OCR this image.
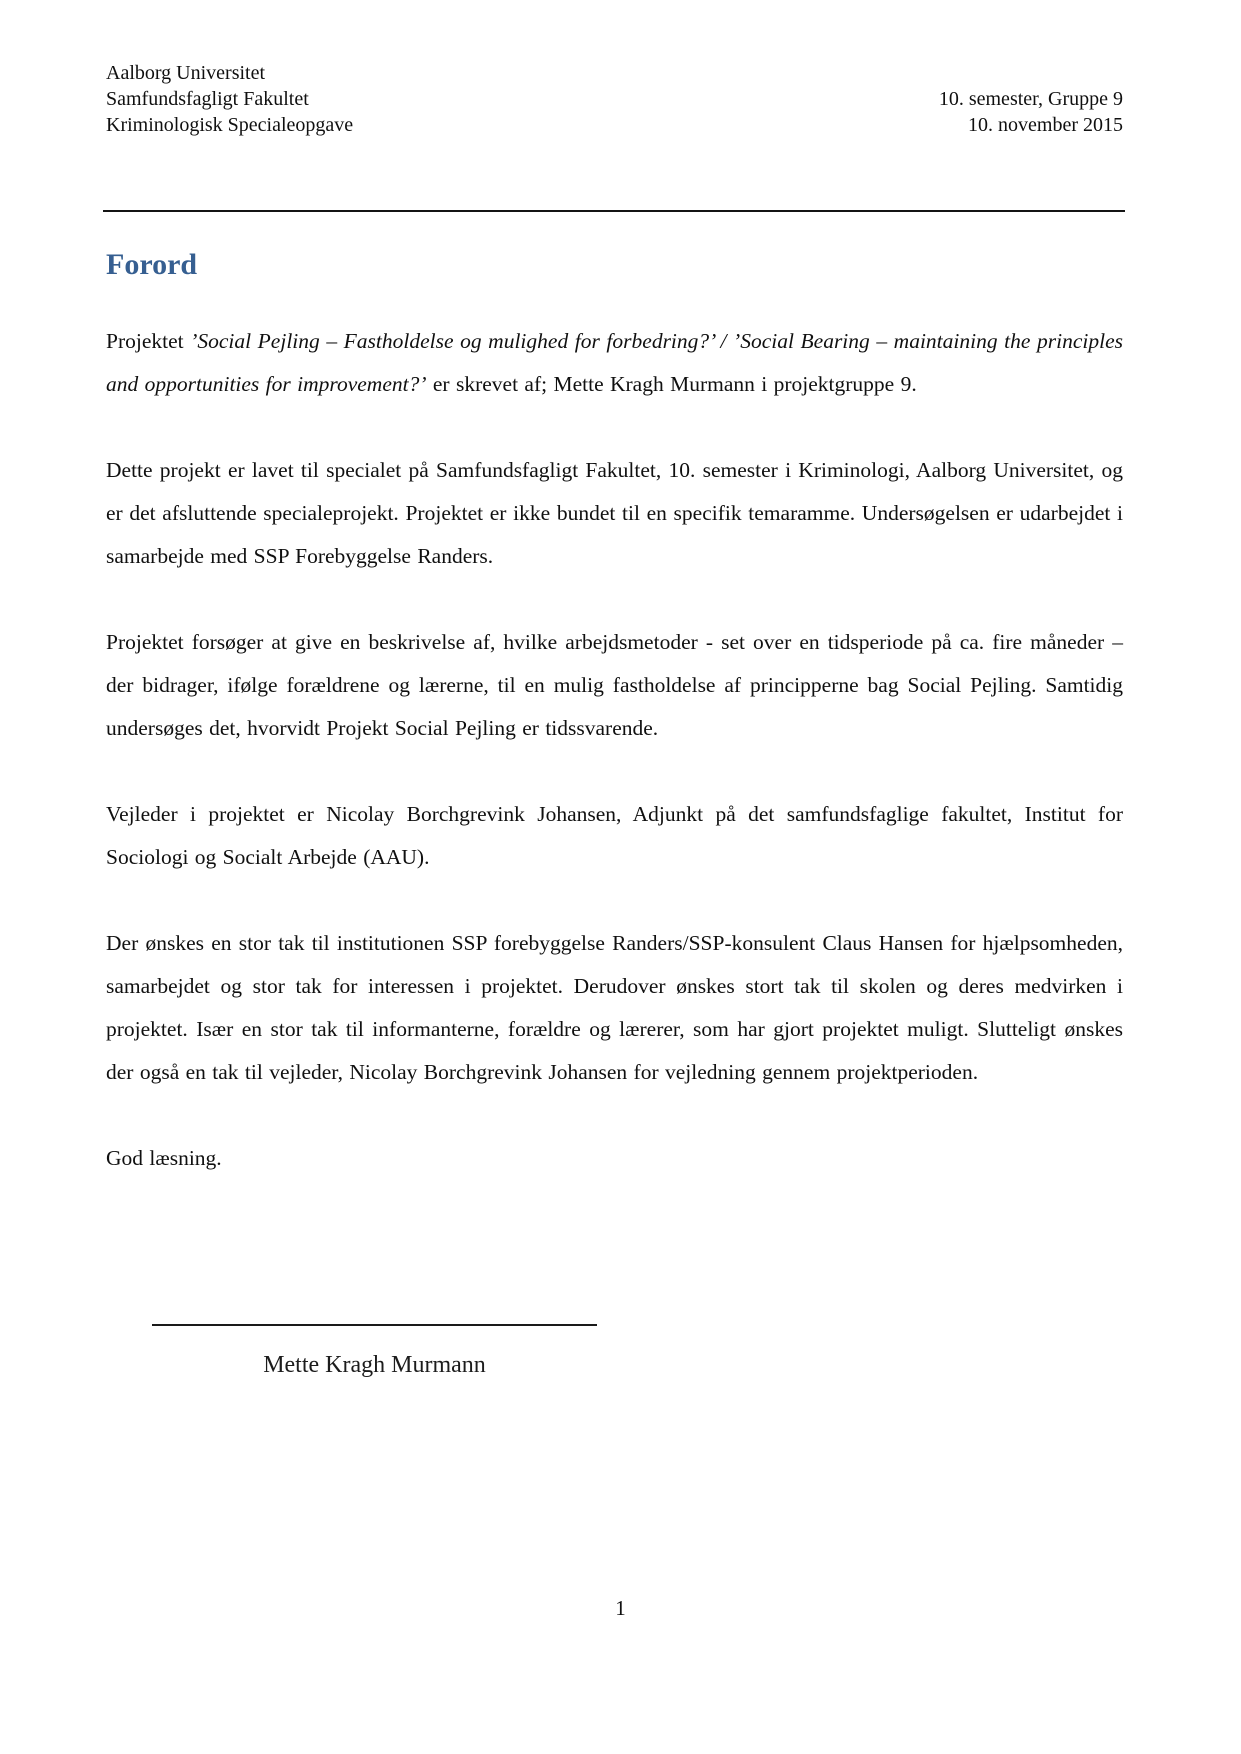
Aalborg Universitet
Samfundsfagligt Fakultet
Kriminologisk Specialeopgave
10. semester, Gruppe 9
10. november 2015
Forord

Projektet ’Social Pejling – Fastholdelse og mulighed for forbedring?’ / ’Social Bearing – maintaining the principles and opportunities for improvement?’ er skrevet af; Mette Kragh Murmann i projektgruppe 9.

Dette projekt er lavet til specialet på Samfundsfagligt Fakultet, 10. semester i Kriminologi, Aalborg Universitet, og er det afsluttende specialeprojekt. Projektet er ikke bundet til en specifik temaramme. Undersøgelsen er udarbejdet i samarbejde med SSP Forebyggelse Randers.

Projektet forsøger at give en beskrivelse af, hvilke arbejdsmetoder - set over en tidsperiode på ca. fire måneder – der bidrager, ifølge forældrene og lærerne, til en mulig fastholdelse af principperne bag Social Pejling. Samtidig undersøges det, hvorvidt Projekt Social Pejling er tidssvarende.

Vejleder i projektet er Nicolay Borchgrevink Johansen, Adjunkt på det samfundsfaglige fakultet, Institut for Sociologi og Socialt Arbejde (AAU).

Der ønskes en stor tak til institutionen SSP forebyggelse Randers/SSP-konsulent Claus Hansen for hjælpsomheden, samarbejdet og stor tak for interessen i projektet. Derudover ønskes stort tak til skolen og deres medvirken i projektet. Især en stor tak til informanterne, forældre og lærerer, som har gjort projektet muligt. Slutteligt ønskes der også en tak til vejleder, Nicolay Borchgrevink Johansen for vejledning gennem projektperioden.

God læsning.

Mette Kragh Murmann
1
